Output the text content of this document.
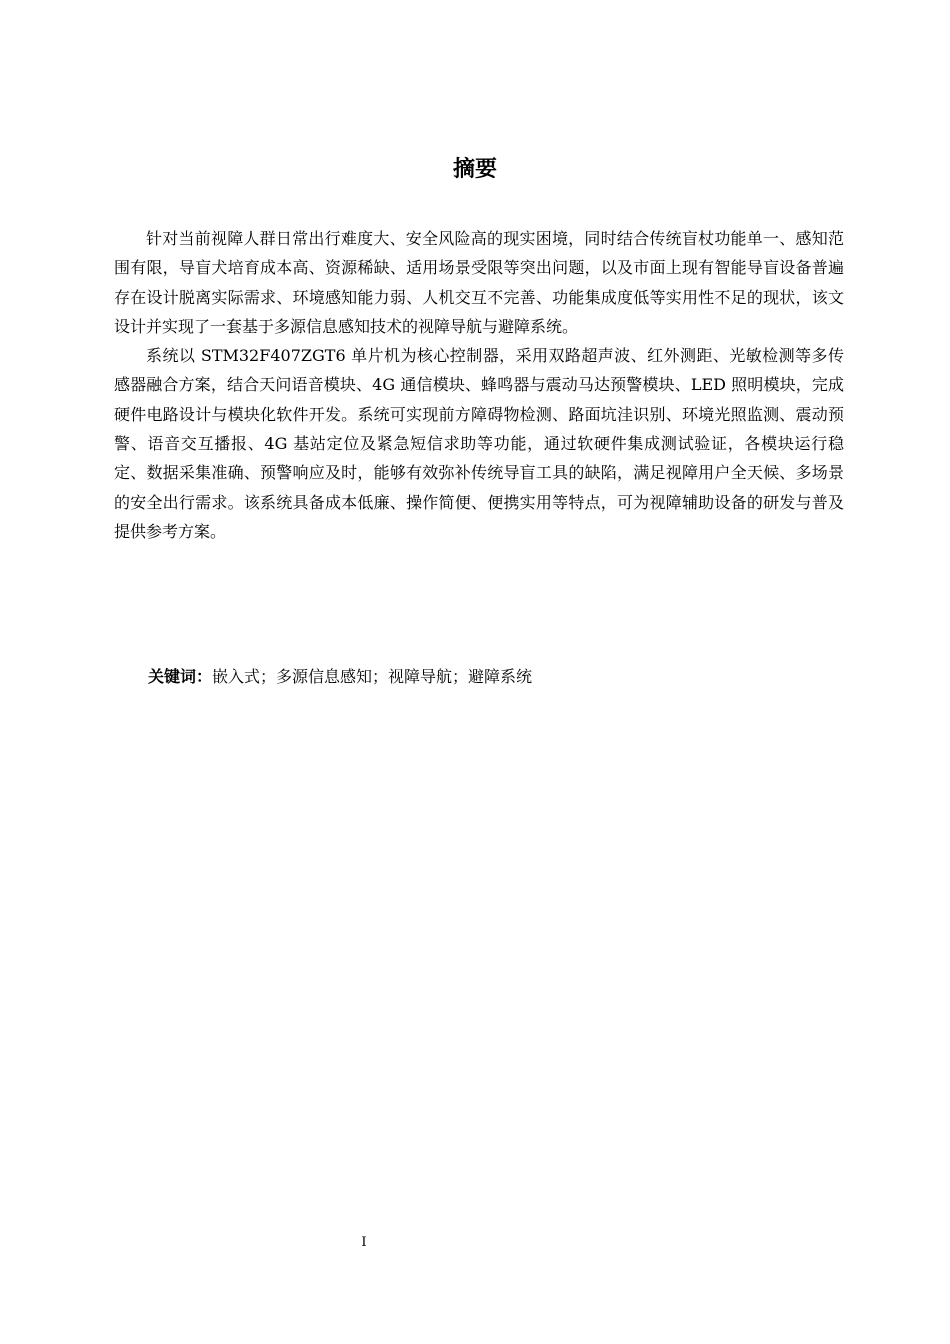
摘要

针对当前视障人群日常出行难度大、安全风险高的现实困境，同时结合传统盲杖功能单一、感知范围有限，导盲犬培育成本高、资源稀缺、适用场景受限等突出问题，以及市面上现有智能导盲设备普遍存在设计脱离实际需求、环境感知能力弱、人机交互不完善、功能集成度低等实用性不足的现状，该文设计并实现了一套基于多源信息感知技术的视障导航与避障系统。

系统以 STM32F407ZGT6 单片机为核心控制器，采用双路超声波、红外测距、光敏检测等多传感器融合方案，结合天问语音模块、4G 通信模块、蜂鸣器与震动马达预警模块、LED 照明模块，完成硬件电路设计与模块化软件开发。系统可实现前方障碍物检测、路面坑洼识别、环境光照监测、震动预警、语音交互播报、4G 基站定位及紧急短信求助等功能，通过软硬件集成测试验证，各模块运行稳定、数据采集准确、预警响应及时，能够有效弥补传统导盲工具的缺陷，满足视障用户全天候、多场景的安全出行需求。该系统具备成本低廉、操作简便、便携实用等特点，可为视障辅助设备的研发与普及提供参考方案。

关键词：嵌入式；多源信息感知；视障导航；避障系统

I
